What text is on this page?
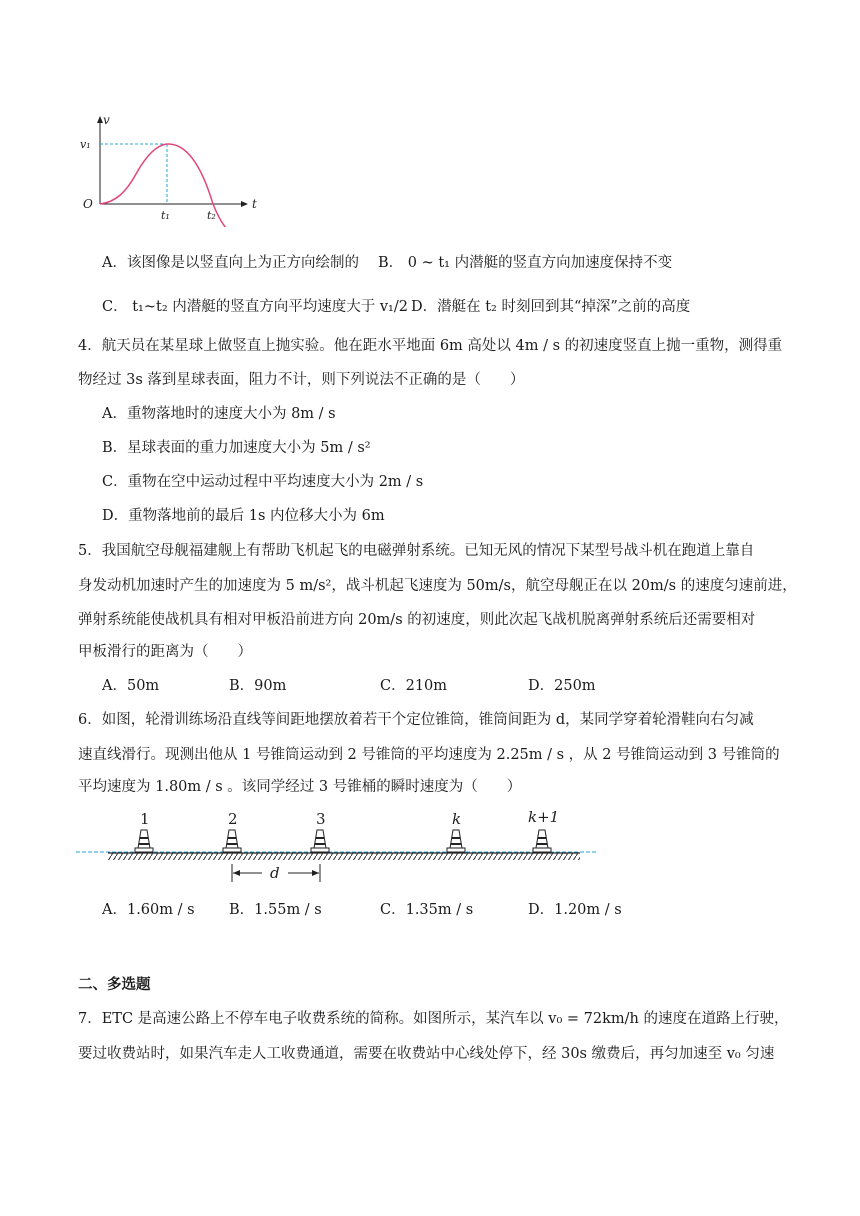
v
t
O
v₁
t₁	t₂
A．该图像是以竖直向上为正方向绘制的 B． 0 ~ t₁ 内潜艇的竖直方向加速度保持不变
C． t₁~t₂ 内潜艇的竖直方向平均速度大于 v₁/2 D．潜艇在 t₂ 时刻回到其“掉深”之前的高度
4．航天员在某星球上做竖直上抛实验。他在距水平地面 6m 高处以 4m / s 的初速度竖直上抛一重物，测得重
物经过 3s 落到星球表面，阻力不计，则下列说法不正确的是（　　）
A．重物落地时的速度大小为 8m / s
B．星球表面的重力加速度大小为 5m / s²
C．重物在空中运动过程中平均速度大小为 2m / s
D．重物落地前的最后 1s 内位移大小为 6m
5．我国航空母舰福建舰上有帮助飞机起飞的电磁弹射系统。已知无风的情况下某型号战斗机在跑道上靠自
身发动机加速时产生的加速度为 5 m/s²，战斗机起飞速度为 50m/s，航空母舰正在以 20m/s 的速度匀速前进，
弹射系统能使战机具有相对甲板沿前进方向 20m/s 的初速度，则此次起飞战机脱离弹射系统后还需要相对
甲板滑行的距离为（　　）
A．50m	B．90m	C．210m	D．250m
6．如图，轮滑训练场沿直线等间距地摆放着若干个定位锥筒，锥筒间距为 d，某同学穿着轮滑鞋向右匀减
速直线滑行。现测出他从 1 号锥筒运动到 2 号锥筒的平均速度为 2.25m / s ，从 2 号锥筒运动到 3 号锥筒的
平均速度为 1.80m / s 。该同学经过 3 号锥桶的瞬时速度为（　　）
1	2	3	k	k+1
d
A．1.60m / s B．1.55m / s	C．1.35m / s	D．1.20m / s
二、多选题
7．ETC 是高速公路上不停车电子收费系统的简称。如图所示，某汽车以 v₀ = 72km/h 的速度在道路上行驶，
要过收费站时，如果汽车走人工收费通道，需要在收费站中心线处停下，经 30s 缴费后，再匀加速至 v₀ 匀速
